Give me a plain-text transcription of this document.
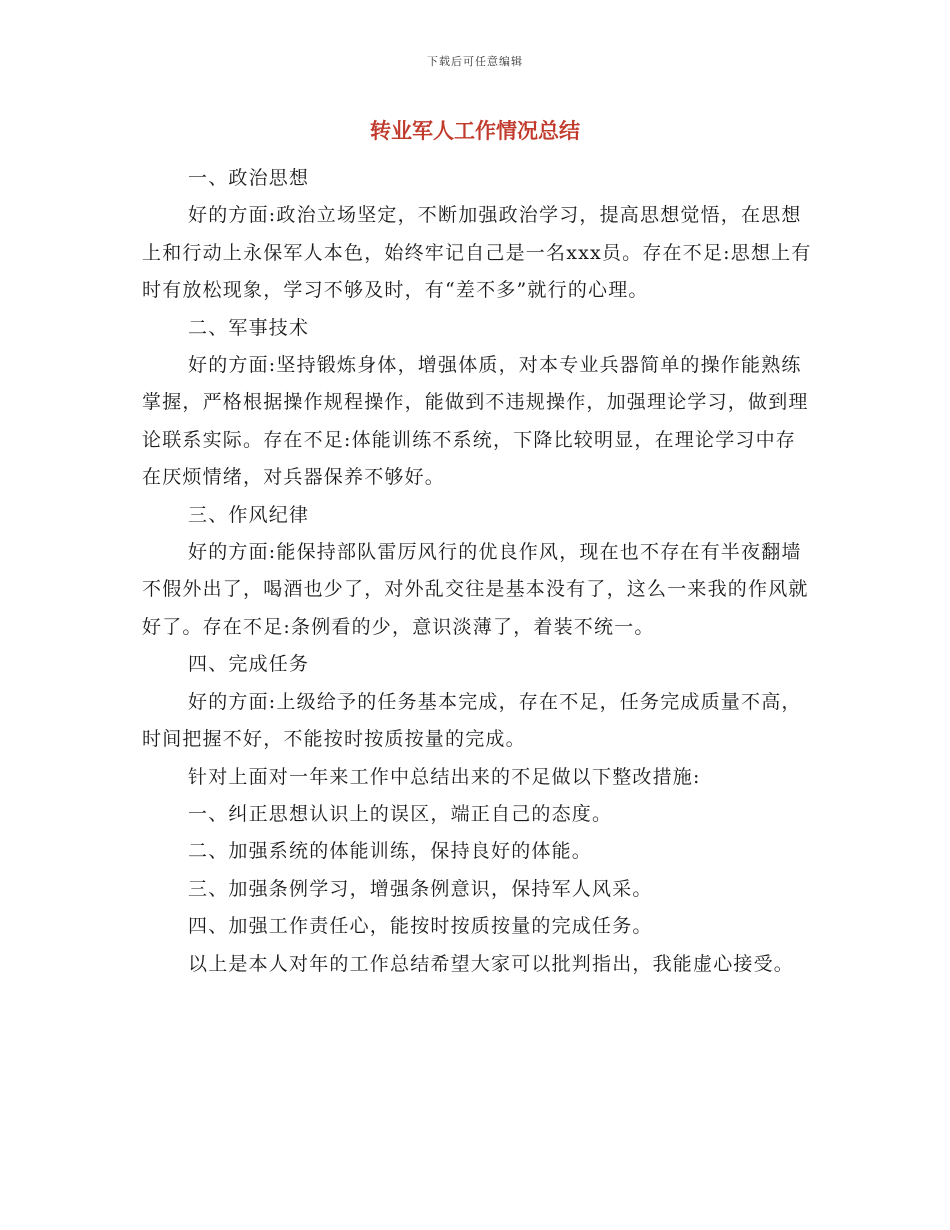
下载后可任意编辑
转业军人工作情况总结

一、政治思想

好的方面:政治立场坚定，不断加强政治学习，提高思想觉悟，在思想上和行动上永保军人本色，始终牢记自己是一名xxx员。存在不足:思想上有时有放松现象，学习不够及时，有“差不多”就行的心理。

二、军事技术

好的方面:坚持锻炼身体，增强体质，对本专业兵器简单的操作能熟练掌握，严格根据操作规程操作，能做到不违规操作，加强理论学习，做到理论联系实际。存在不足:体能训练不系统，下降比较明显，在理论学习中存在厌烦情绪，对兵器保养不够好。

三、作风纪律

好的方面:能保持部队雷厉风行的优良作风，现在也不存在有半夜翻墙不假外出了，喝酒也少了，对外乱交往是基本没有了，这么一来我的作风就好了。存在不足:条例看的少，意识淡薄了，着装不统一。

四、完成任务

好的方面:上级给予的任务基本完成，存在不足，任务完成质量不高，时间把握不好，不能按时按质按量的完成。

针对上面对一年来工作中总结出来的不足做以下整改措施:

一、纠正思想认识上的误区，端正自己的态度。

二、加强系统的体能训练，保持良好的体能。

三、加强条例学习，增强条例意识，保持军人风采。

四、加强工作责任心，能按时按质按量的完成任务。

以上是本人对年的工作总结希望大家可以批判指出，我能虚心接受。
